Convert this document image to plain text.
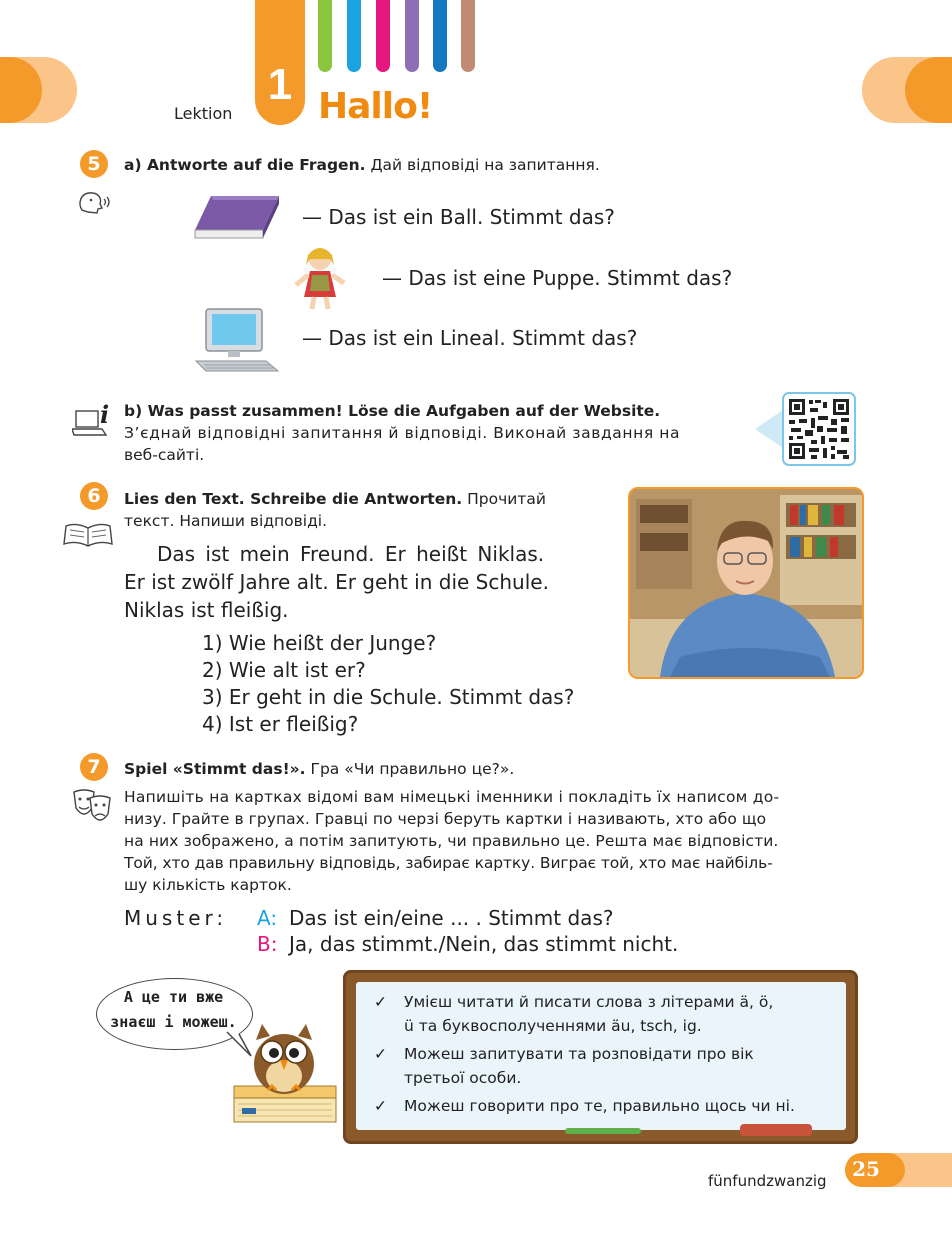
Lektion
1 Hallo!
5	a) Antworte auf die Fragen. Дай відповіді на запитання.
— Das ist ein Ball. Stimmt das?
— Das ist eine Puppe. Stimmt das?
— Das ist ein Lineal. Stimmt das?
i b) Was passt zusammen! Löse die Aufgaben auf der Website.
З’єднай відповідні запитання й відповіді. Виконай завдання на
веб-сайті.
6	Lies den Text. Schreibe die Antworten. Прочитай
текст. Напиши відповіді.
Das ist mein Freund. Er heißt Niklas.
Er ist zwölf Jahre alt. Er geht in die Schule.
Niklas ist fleißig.
1) Wie heißt der Junge?
2) Wie alt ist er?
3) Er geht in die Schule. Stimmt das?
4) Ist er fleißig?
7	Spiel «Stimmt das!». Гра «Чи правильно це?».
Напишіть на картках відомі вам німецькі іменники і покладіть їх написом до-
низу. Грайте в групах. Гравці по черзі беруть картки і називають, хто або що
на них зображено, а потім запитують, чи правильно це. Решта має відповісти.
Той, хто дав правильну відповідь, забирає картку. Виграє той, хто має найбіль-
шу кількість карток.
Muster: A: Das ist ein/eine ... . Stimmt das?
B: Ja, das stimmt./Nein, das stimmt nicht.
А це ти вже
знаєш і можеш.
✓ Умієш читати й писати слова з літерами ä, ö,
ü та буквосполученнями äu, tsch, ig.
✓ Можеш запитувати та розповідати про вік
третьої особи.
✓ Можеш говорити про те, правильно щось чи ні.
fünfundzwanzig	25
